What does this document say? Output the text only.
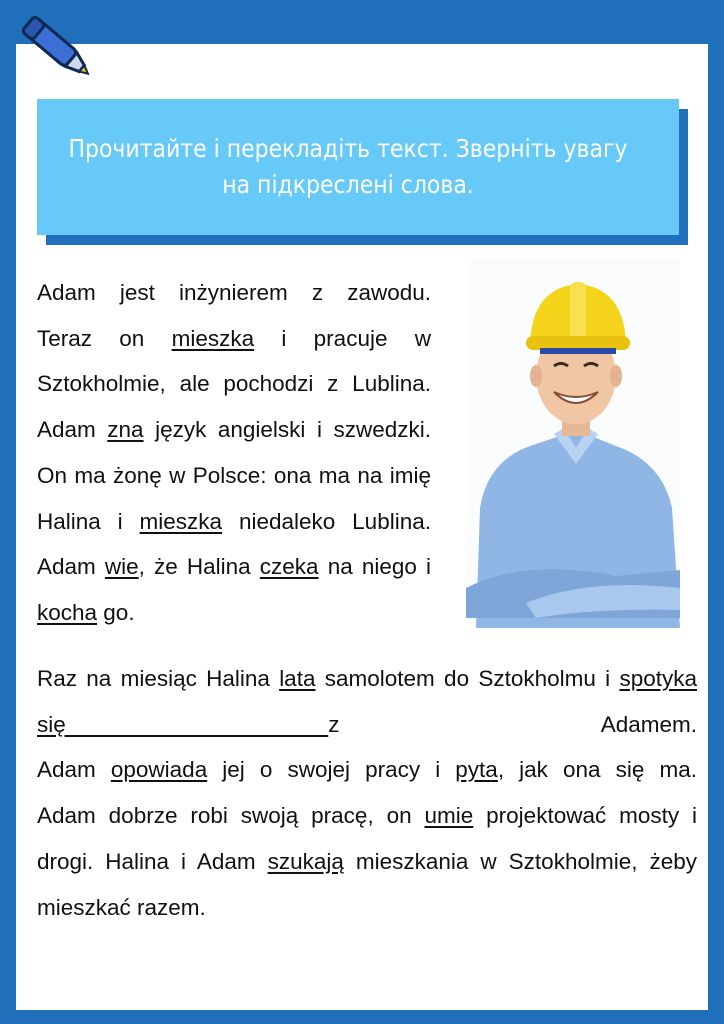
Прочитайте і перекладіть текст. Зверніть увагу на підкреслені слова.
Adam jest inżynierem z zawodu.
Teraz on mieszka i pracuje w
Sztokholmie, ale pochodzi z Lublina.
Adam zna język angielski i szwedzki.
On ma żonę w Polsce: ona ma na imię
Halina i mieszka niedaleko Lublina.
Adam wie, że Halina czeka na niego i
kocha go.
Raz na miesiąc Halina lata samolotem do Sztokholmu i spotyka
się z Adamem.
Adam opowiada jej o swojej pracy i pyta, jak ona się ma.
Adam dobrze robi swoją pracę, on umie projektować mosty i
drogi. Halina i Adam szukają mieszkania w Sztokholmie, żeby
mieszkać razem.
